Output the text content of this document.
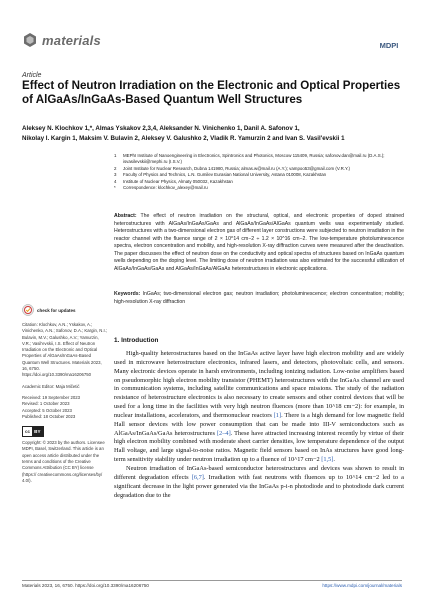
materials	MDPI
Article
Effect of Neutron Irradiation on the Electronic and Optical Properties of AlGaAs/InGaAs-Based Quantum Well Structures
Aleksey N. Klochkov 1,*, Almas Yskakov 2,3,4, Aleksander N. Vinichenko 1, Danil A. Safonov 1,
Nikolay I. Kargin 1, Maksim V. Bulavin 2, Aleksey V. Galushko 2, Vladik R. Yamurzin 2 and Ivan S. Vasil'evskii 1
1	MEPhI Institute of Nanoengineering in Electronics, Spintronics and Photonics, Moscow 115409, Russia; safonov.dan@mail.ru (D.A.S.); isvasilevskii@mephi.ru (I.S.V.)
2	Joint Institute for Nuclear Research, Dubna 141980, Russia; almas.w@mail.ru (A.Y.); vampoo53@gmail.com (V.R.Y.)
3	Faculty of Physics and Technics, L.N. Gumilev Eurasian National University, Astana 010008, Kazakhstan
4	Institute of Nuclear Physics, Almaty 050032, Kazakhstan
*	Correspondence: klochkov_alexey@mail.ru
Abstract: The effect of neutron irradiation on the structural, optical, and electronic properties of doped strained heterostructures with AlGaAs/InGaAs/GaAs and AlGaAs/InGaAs/AlGaAs quantum wells was experimentally studied. Heterostructures with a two-dimensional electron gas of different layer constructions were subjected to neutron irradiation in the reactor channel with the fluence range of 2 × 10^14 cm−2 ÷ 1.2 × 10^16 cm−2. The low-temperature photoluminescence spectra, electron concentration and mobility, and high-resolution X-ray diffraction curves were measured after the deactivation. The paper discusses the effect of neutron dose on the conductivity and optical spectra of structures based on InGaAs quantum wells depending on the doping level. The limiting dose of neutron irradiation was also estimated for the successful utilization of AlGaAs/InGaAs/GaAs and AlGaAs/InGaAs/AlGaAs heterostructures in electronic applications.
Keywords: InGaAs; two-dimensional electron gas; neutron irradiation; photoluminescence; electron concentration; mobility; high-resolution X-ray diffraction
check for updates
Citation: Klochkov, A.N.; Yskakov, A.; Vinichenko, A.N.; Safonov, D.A.; Kargin, N.I.; Bulavin, M.V.; Galushko, A.V.; Yamurzin, V.R.; Vasil'evskii, I.S. Effect of Neutron Irradiation on the Electronic and Optical Properties of AlGaAs/InGaAs-Based Quantum Well Structures. Materials 2023, 16, 6750. https://doi.org/10.3390/ma16206750
Academic Editor: Maja Mičetić
Received: 19 September 2023
Revised: 1 October 2023
Accepted: 5 October 2023
Published: 18 October 2023
cc BY
Copyright: © 2023 by the authors. Licensee MDPI, Basel, Switzerland. This article is an open access article distributed under the terms and conditions of the Creative Commons Attribution (CC BY) license (https:// creativecommons.org/licenses/by/ 4.0/).
1. Introduction

High-quality heterostructures based on the InGaAs active layer have high electron mobility and are widely used in microwave heterostructure electronics, infrared lasers, and detectors, photovoltaic cells, and sensors. Many electronic devices operate in harsh environments, including ionizing radiation. Low-noise amplifiers based on pseudomorphic high electron mobility transistor (PHEMT) heterostructures with the InGaAs channel are used in communication systems, including satellite communications and space missions. The study of the radiation resistance of heterostructure electronics is also necessary to create sensors and other control devices that will be used for a long time in the facilities with very high neutron fluences (more than 10^18 cm−2): for example, in nuclear installations, accelerators, and thermonuclear reactors [1]. There is a high demand for low magnetic field Hall sensor devices with low power consumption that can be made into III-V semiconductors such as AlGaAs/InGaAs/GaAs heterostructures [2–4]. These have attracted increasing interest recently by virtue of their high electron mobility combined with moderate sheet carrier densities, low temperature dependence of the output Hall voltage, and large signal-to-noise ratios. Magnetic field sensors based on InAs structures have good long-term sensitivity stability under neutron irradiation up to a fluence of 10^17 cm−2 [1,5].

Neutron irradiation of InGaAs-based semiconductor heterostructures and devices was shown to result in different degradation effects [6,7]. Irradiation with fast neutrons with fluences up to 10^14 cm−2 led to a significant decrease in the light power generated via the InGaAs p-i-n photodiode and to photodiode dark current degradation due to the

Materials 2023, 16, 6750. https://doi.org/10.3390/ma16206750	https://www.mdpi.com/journal/materials
